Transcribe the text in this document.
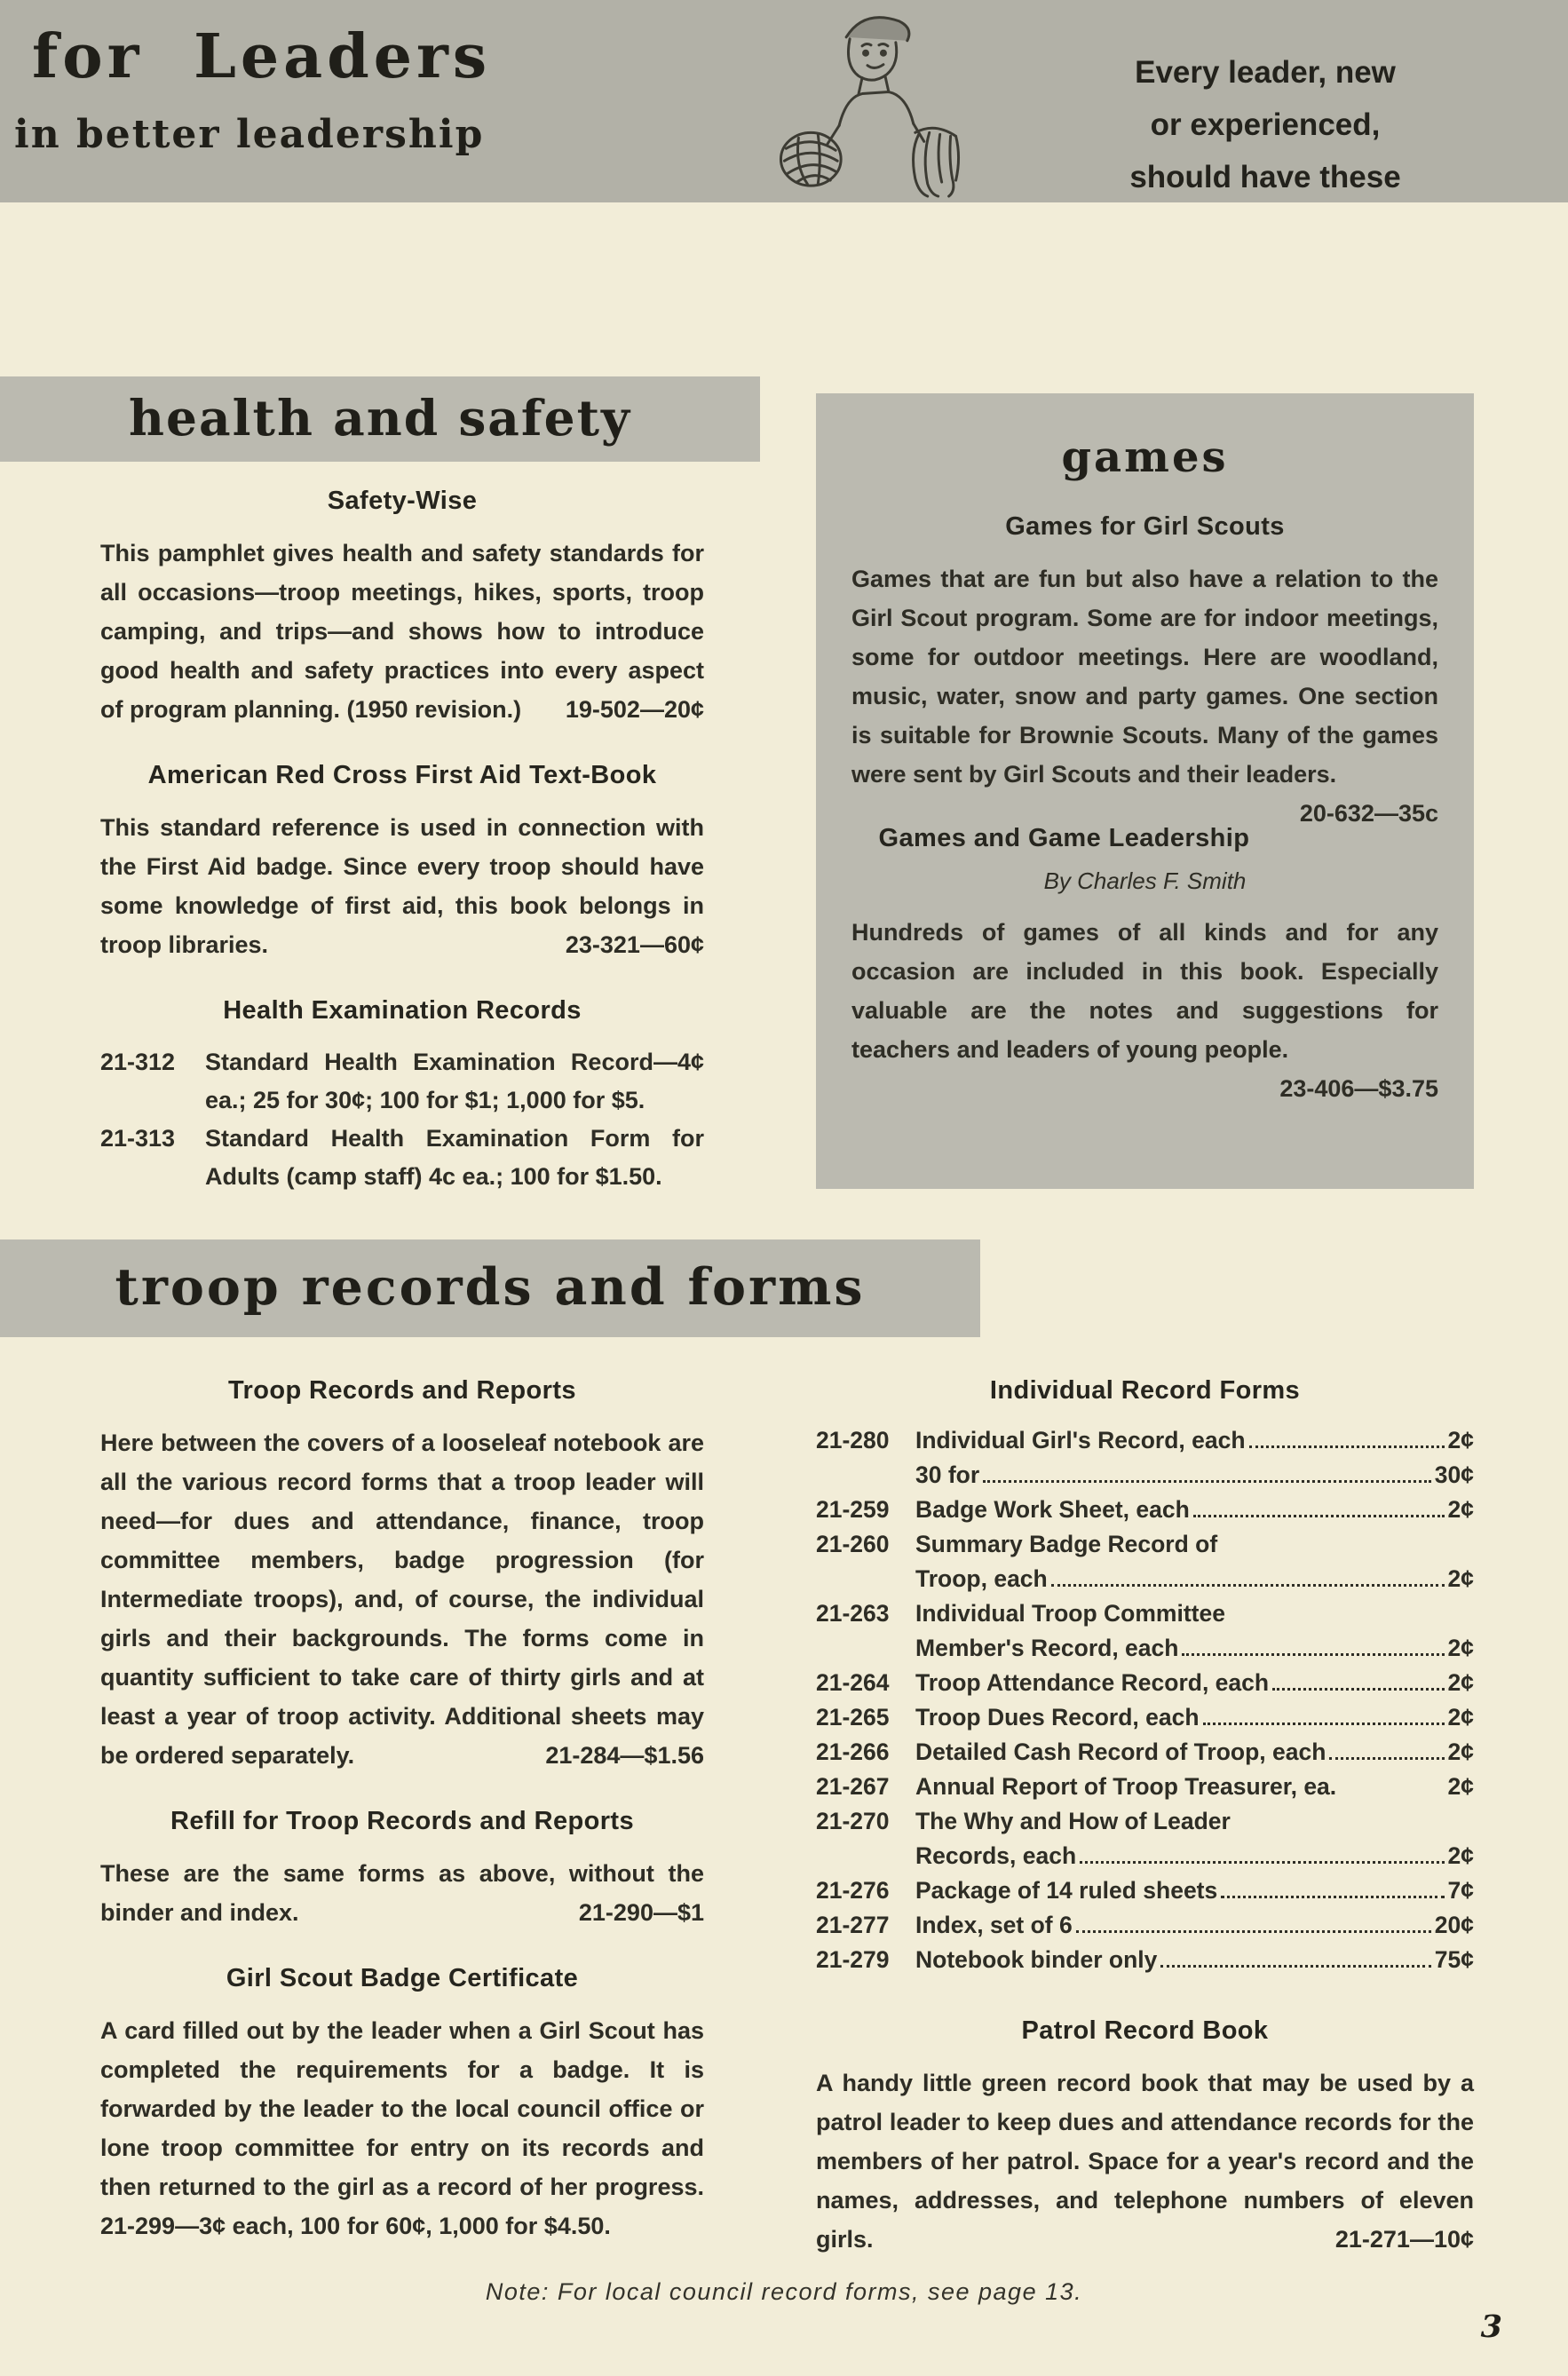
for Leaders
in better leadership
Every leader, new
or experienced,
should have these
health and safety
Safety-Wise

This pamphlet gives health and safety standards for all occasions—troop meetings, hikes, sports, troop camping, and trips—and shows how to introduce good health and safety practices into every aspect of program planning. (1950 revision.)	19-502—20¢

American Red Cross First Aid Text-Book

This standard reference is used in connection with the First Aid badge. Since every troop should have some knowledge of first aid, this book belongs in troop libraries.	23-321—60¢

Health Examination Records
21-312	Standard Health Examination Record—4¢ ea.; 25 for 30¢; 100 for $1; 1,000 for $5.
21-313	Standard Health Examination Form for Adults (camp staff) 4c ea.; 100 for $1.50.
games
Games for Girl Scouts

Games that are fun but also have a relation to the Girl Scout program. Some are for indoor meetings, some for outdoor meetings. Here are woodland, music, water, snow and party games. One section is suitable for Brownie Scouts. Many of the games were sent by Girl Scouts and their leaders.
20-632—35c

Games and Game Leadership
By Charles F. Smith

Hundreds of games of all kinds and for any occasion are included in this book. Especially valuable are the notes and suggestions for teachers and leaders of young people.
23-406—$3.75

troop records and forms
Troop Records and Reports

Here between the covers of a looseleaf notebook are all the various record forms that a troop leader will need—for dues and attendance, finance, troop committee members, badge progression (for Intermediate troops), and, of course, the individual girls and their backgrounds. The forms come in quantity sufficient to take care of thirty girls and at least a year of troop activity. Additional sheets may be ordered separately.	21-284—$1.56

Refill for Troop Records and Reports

These are the same forms as above, without the binder and index.	21-290—$1

Girl Scout Badge Certificate

A card filled out by the leader when a Girl Scout has completed the requirements for a badge. It is forwarded by the leader to the local council office or lone troop committee for entry on its records and then returned to the girl as a record of her progress. 21-299—3¢ each, 100 for 60¢, 1,000 for $4.50.

Individual Record Forms
21-280	Individual Girl's Record, each	2¢
30 for	30¢
21-259	Badge Work Sheet, each	2¢
21-260	Summary Badge Record of
Troop, each	2¢
21-263	Individual Troop Committee
Member's Record, each	2¢
21-264	Troop Attendance Record, each	2¢
21-265	Troop Dues Record, each	2¢
21-266	Detailed Cash Record of Troop, each	2¢
21-267	Annual Report of Troop Treasurer, ea.	2¢
21-270	The Why and How of Leader
Records, each	2¢
21-276	Package of 14 ruled sheets	7¢
21-277	Index, set of 6	20¢
21-279	Notebook binder only	75¢
Patrol Record Book

A handy little green record book that may be used by a patrol leader to keep dues and attendance records for the members of her patrol. Space for a year's record and the names, addresses, and telephone numbers of eleven girls.	21-271—10¢

Note: For local council record forms, see page 13.
3
